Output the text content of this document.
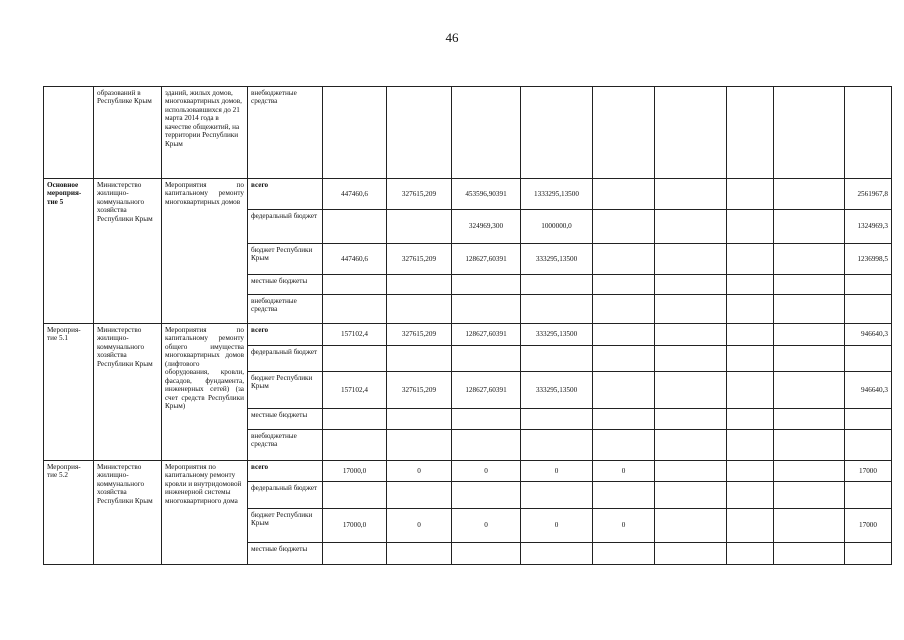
46
	образований в Республике Крым	зданий, жилых домов, многоквартирных домов, использовавшихся до 21 марта 2014 года в качестве общежитий, на территории Республики Крым	внебюджетные средства									
Основное мероприя- тие 5	Министерство жилищно- коммунального хозяйства Республики Крым	Мероприятия по капитальному ремонту многоквартирных домов	всего	447460,6	327615,209	453596,90391	1333295,13500					2561967,8
			федеральный бюджет			324969,300	1000000,0					1324969,3
			бюджет Республики Крым	447460,6	327615,209	128627,60391	333295,13500					1236998,5
			местные бюджеты									
			внебюджетные средства									
Мероприя- тие 5.1	Министерство жилищно- коммунального хозяйства Республики Крым	Мероприятия по капитальному ремонту общего имущества многоквартирных домов (лифтового оборудования, кровли, фасадов, фундамента, инженерных сетей) (за счет средств Республики Крым)	всего	157102,4	327615,209	128627,60391	333295,13500					946640,3
			федеральный бюджет									
			бюджет Республики Крым	157102,4	327615,209	128627,60391	333295,13500					946640,3
			местные бюджеты									
			внебюджетные средства									
Мероприя- тие 5.2	Министерство жилищно- коммунального хозяйства Республики Крым	Мероприятия по капитальному ремонту кровли и внутридомовой инженерной системы многоквартирного дома	всего	17000,0	0	0	0	0				17000
			федеральный бюджет									
			бюджет Республики Крым	17000,0	0	0	0	0				17000
			местные бюджеты									
